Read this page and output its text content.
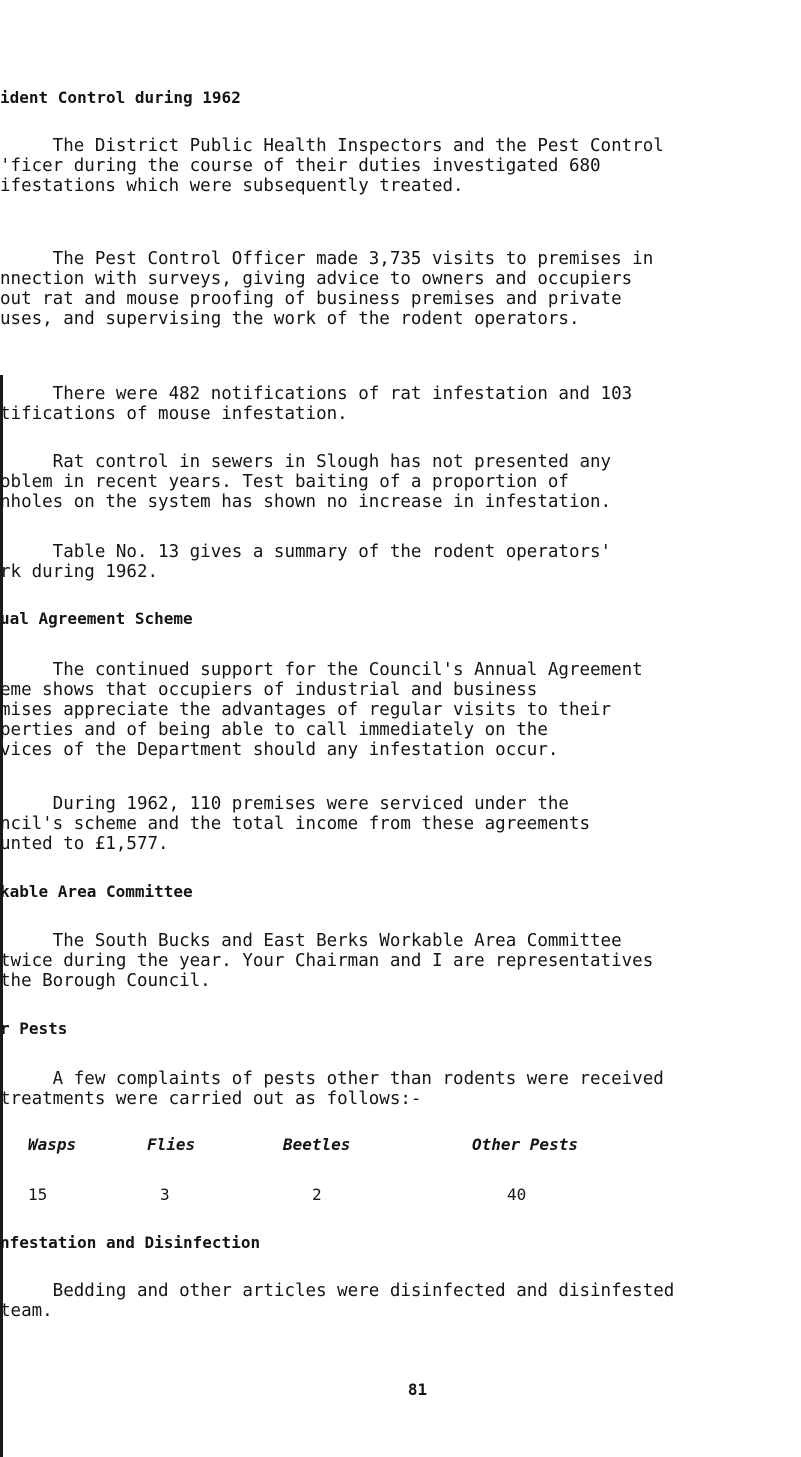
ident Control during 1962

The District Public Health Inspectors and the Pest Control
'ficer during the course of their duties investigated 680
ifestations which were subsequently treated.

The Pest Control Officer made 3,735 visits to premises in
nnection with surveys, giving advice to owners and occupiers
out rat and mouse proofing of business premises and private
uses, and supervising the work of the rodent operators.

There were 482 notifications of rat infestation and 103
tifications of mouse infestation.

Rat control in sewers in Slough has not presented any
oblem in recent years. Test baiting of a proportion of
nholes on the system has shown no increase in infestation.

Table No. 13 gives a summary of the rodent operators'
rk during 1962.

ual Agreement Scheme

The continued support for the Council's Annual Agreement
eme shows that occupiers of industrial and business
mises appreciate the advantages of regular visits to their
perties and of being able to call immediately on the
vices of the Department should any infestation occur.

During 1962, 110 premises were serviced under the
ncil's scheme and the total income from these agreements
unted to £1,577.

kable Area Committee

The South Bucks and East Berks Workable Area Committee
twice during the year. Your Chairman and I are representatives
the Borough Council.

r Pests

A few complaints of pests other than rodents were received
treatments were carried out as follows:-

Wasps	Flies	Beetles	Other Pests
15	3	2	40

nfestation and Disinfection

Bedding and other articles were disinfected and disinfested
team.

81
